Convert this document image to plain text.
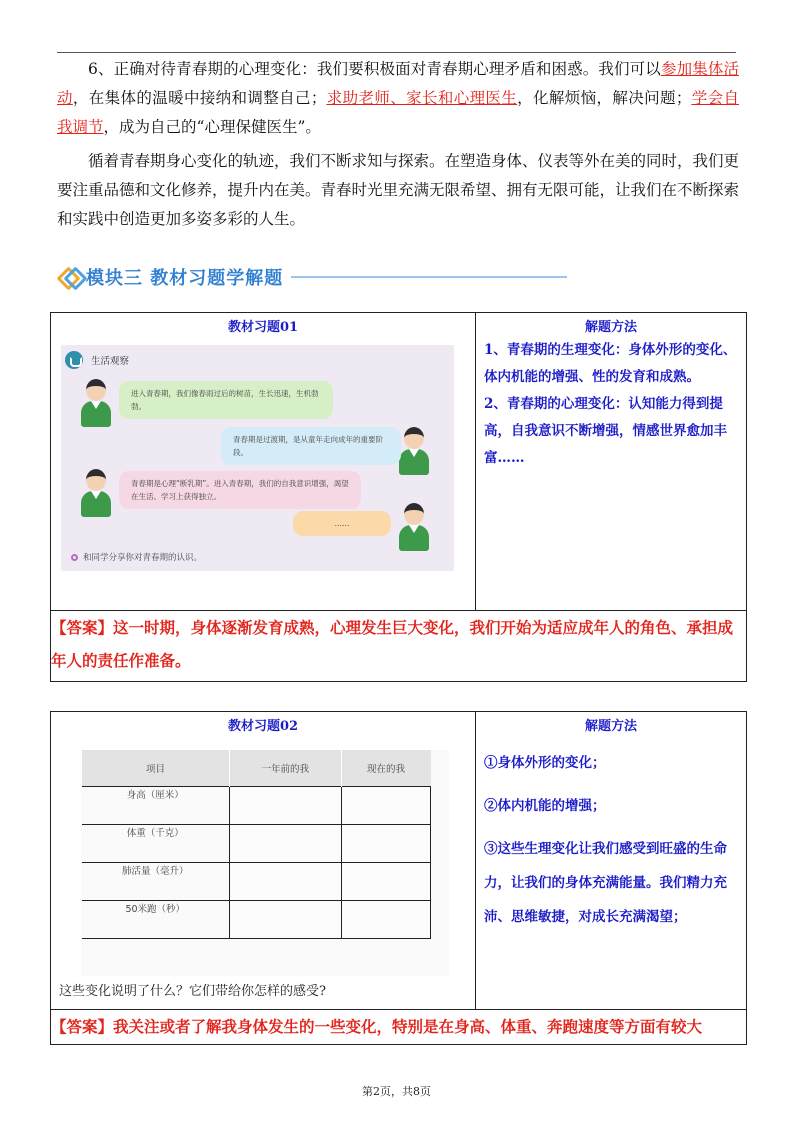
6、正确对待青春期的心理变化：我们要积极面对青春期心理矛盾和困惑。我们可以参加集体活动，在集体的温暖中接纳和调整自己；求助老师、家长和心理医生，化解烦恼，解决问题；学会自我调节，成为自己的“心理保健医生”。

循着青春期身心变化的轨迹，我们不断求知与探索。在塑造身体、仪表等外在美的同时，我们更要注重品德和文化修养，提升内在美。青春时光里充满无限希望、拥有无限可能，让我们在不断探索和实践中创造更加多姿多彩的人生。

模块三 教材习题学解题
教材习题01
生活观察
进入青春期，我们像春雨过后的树苗，生长迅速，生机勃勃。
青春期是过渡期，是从童年走向成年的重要阶段。
青春期是心理“断乳期”。进入青春期，我们的自我意识增强，渴望在生活、学习上获得独立。
……
和同学分享你对青春期的认识。

解题方法

1、青春期的生理变化：身体外形的变化、体内机能的增强、性的发育和成熟。

2、青春期的心理变化：认知能力得到提高，自我意识不断增强，情感世界愈加丰富……

【答案】这一时期，身体逐渐发育成熟，心理发生巨大变化，我们开始为适应成年人的角色、承担成年人的责任作准备。
教材习题02
项目	一年前的我	现在的我
身高（厘米）		
体重（千克）		
肺活量（毫升）		
50米跑（秒）		
这些变化说明了什么？它们带给你怎样的感受?

解题方法

①身体外形的变化；

②体内机能的增强；

③这些生理变化让我们感受到旺盛的生命力，让我们的身体充满能量。我们精力充沛、思维敏捷，对成长充满渴望；

【答案】我关注或者了解我身体发生的一些变化，特别是在身高、体重、奔跑速度等方面有较大
第2页，共8页
